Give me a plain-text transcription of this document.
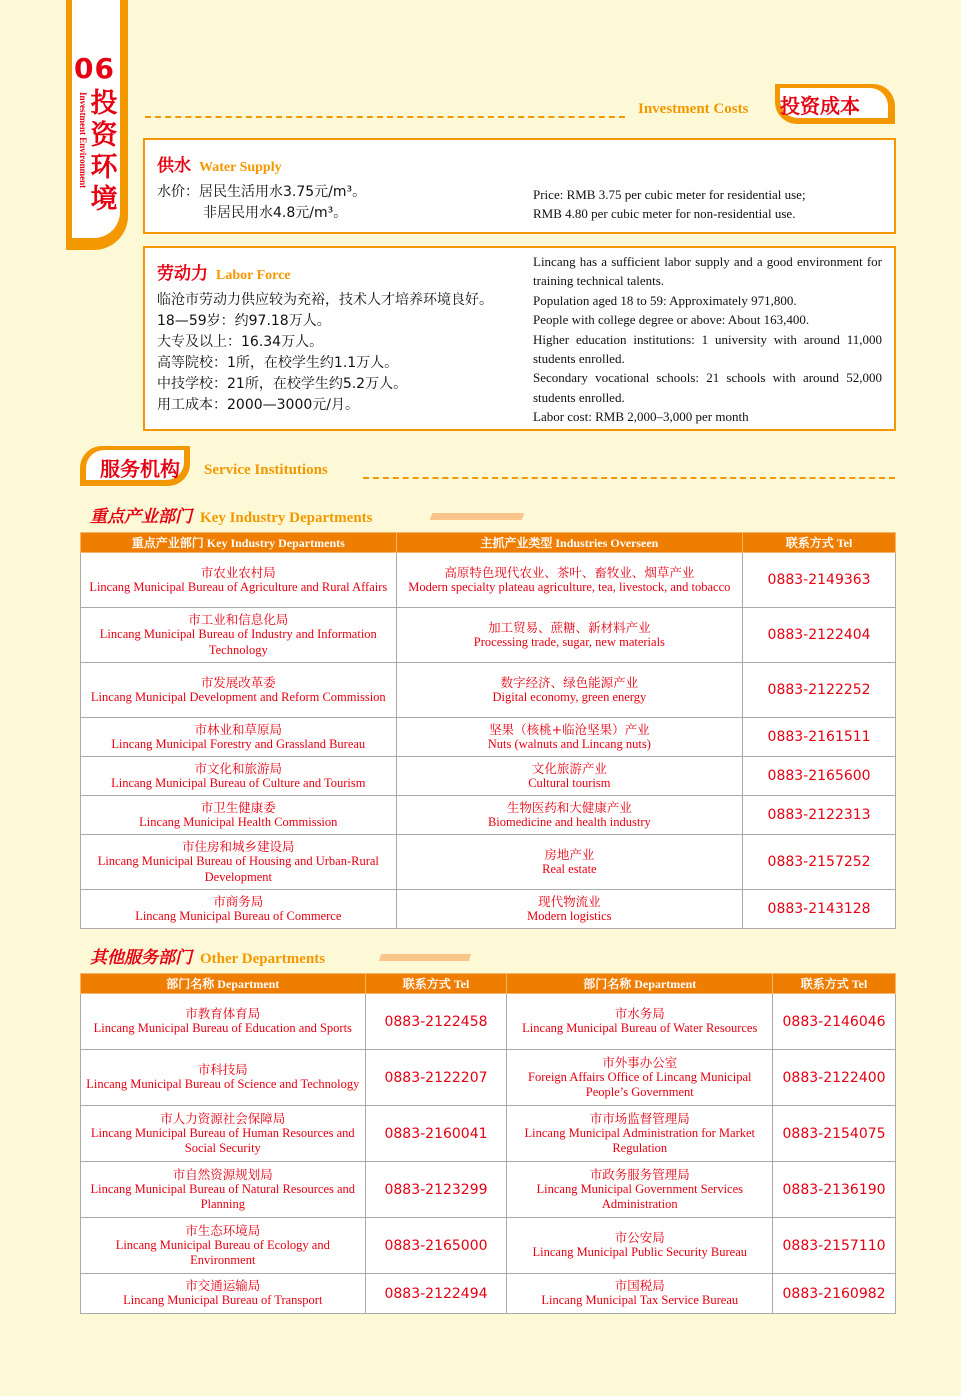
06
投
资
环
境
Investment Environment	Investment Costs 投资成本
供水 Water Supply
水价：居民生活用水3.75元/m³。
非居民用水4.8元/m³。
Price: RMB 3.75 per cubic meter for residential use;
RMB 4.80 per cubic meter for non-residential use.
劳动力 Labor Force
临沧市劳动力供应较为充裕，技术人才培养环境良好。
18—59岁：约97.18万人。
大专及以上：16.34万人。
高等院校：1所，在校学生约1.1万人。
中技学校：21所，在校学生约5.2万人。
用工成本：2000—3000元/月。
Lincang has a sufficient labor supply and a good environment for training technical talents.
Population aged 18 to 59: Approximately 971,800.
People with college degree or above: About 163,400.
Higher education institutions: 1 university with around 11,000 students enrolled.
Secondary vocational schools: 21 schools with around 52,000 students enrolled.
Labor cost: RMB 2,000–3,000 per month
服务机构 Service Institutions
重点产业部门 Key Industry Departments
重点产业部门 Key Industry Departments	主抓产业类型 Industries Overseen	联系方式 Tel

市农业农村局
Lincang Municipal Bureau of Agriculture and Rural Affairs	高原特色现代农业、茶叶、畜牧业、烟草产业
Modern specialty plateau agriculture, tea, livestock, and tobacco	0883-2149363

市工业和信息化局
Lincang Municipal Bureau of Industry and Information Technology	加工贸易、蔗糖、新材料产业
Processing trade, sugar, new materials	0883-2122404

市发展改革委
Lincang Municipal Development and Reform Commission	数字经济、绿色能源产业
Digital economy, green energy	0883-2122252

市林业和草原局
Lincang Municipal Forestry and Grassland Bureau	坚果（核桃+临沧坚果）产业
Nuts (walnuts and Lincang nuts)	0883-2161511

市文化和旅游局
Lincang Municipal Bureau of Culture and Tourism	文化旅游产业
Cultural tourism	0883-2165600

市卫生健康委
Lincang Municipal Health Commission	生物医药和大健康产业
Biomedicine and health industry	0883-2122313

市住房和城乡建设局
Lincang Municipal Bureau of Housing and Urban-Rural Development	房地产业
Real estate	0883-2157252

市商务局
Lincang Municipal Bureau of Commerce	现代物流业
Modern logistics	0883-2143128
其他服务部门 Other Departments
部门名称 Department	联系方式 Tel	部门名称 Department	联系方式 Tel

市教育体育局
Lincang Municipal Bureau of Education and Sports	0883-2122458	市水务局
Lincang Municipal Bureau of Water Resources	0883-2146046

市科技局
Lincang Municipal Bureau of Science and Technology	0883-2122207	市外事办公室
Foreign Affairs Office of Lincang Municipal People’s Government	0883-2122400

市人力资源社会保障局
Lincang Municipal Bureau of Human Resources and Social Security	0883-2160041	市市场监督管理局
Lincang Municipal Administration for Market Regulation	0883-2154075

市自然资源规划局
Lincang Municipal Bureau of Natural Resources and Planning	0883-2123299	市政务服务管理局
Lincang Municipal Government Services Administration	0883-2136190

市生态环境局
Lincang Municipal Bureau of Ecology and Environment	0883-2165000	市公安局
Lincang Municipal Public Security Bureau	0883-2157110

市交通运输局
Lincang Municipal Bureau of Transport	0883-2122494	市国税局
Lincang Municipal Tax Service Bureau	0883-2160982
